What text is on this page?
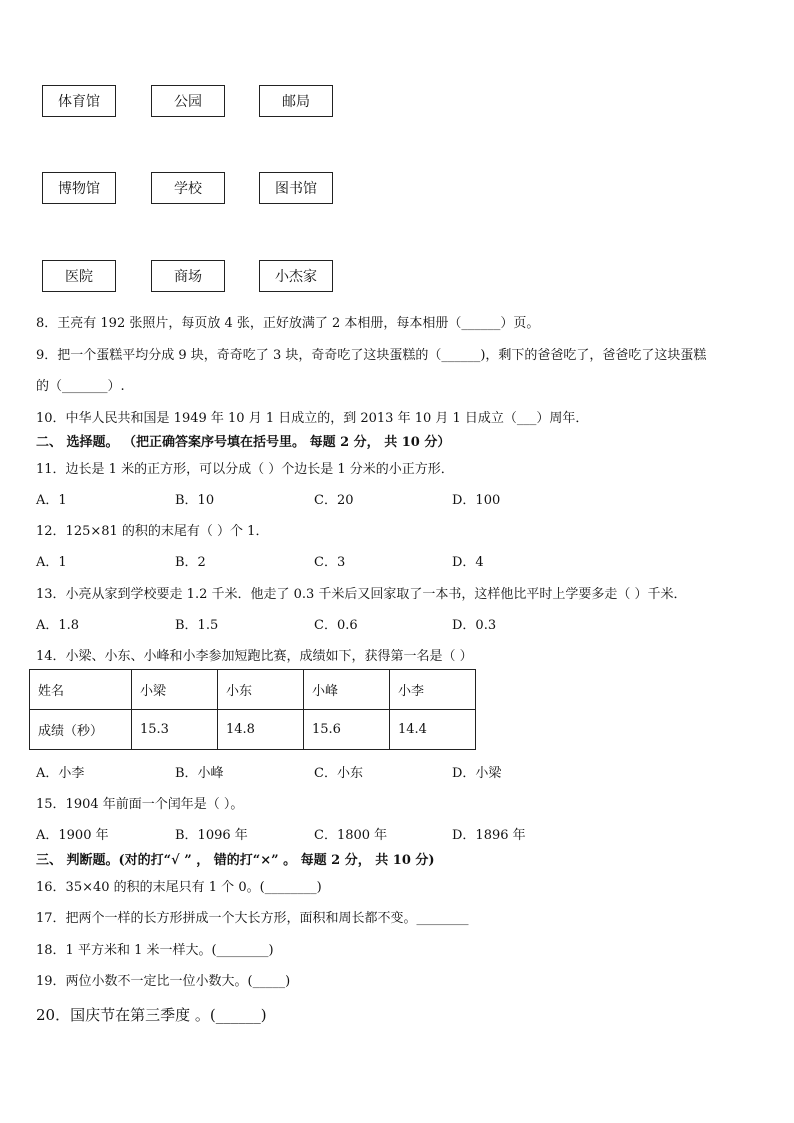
体育馆	公园	邮局
博物馆	学校	图书馆
医院	商场	小杰家
8．王亮有 192 张照片，每页放 4 张，正好放满了 2 本相册，每本相册（______）页。
9．把一个蛋糕平均分成 9 块，奇奇吃了 3 块，奇奇吃了这块蛋糕的（______)，剩下的爸爸吃了，爸爸吃了这块蛋糕
的（_______）.
10．中华人民共和国是 1949 年 10 月 1 日成立的，到 2013 年 10 月 1 日成立（___）周年．
二、 选择题。 （把正确答案序号填在括号里。 每题 2 分， 共 10 分）
11．边长是 1 米的正方形，可以分成（ ）个边长是 1 分米的小正方形．
A．1	B．10	C．20	D．100
12．125×81 的积的末尾有（ ）个 1．
A．1	B．2	C．3	D．4
13．小亮从家到学校要走 1.2 千米．他走了 0.3 千米后又回家取了一本书，这样他比平时上学要多走（ ）千米．
A．1.8	B．1.5	C．0.6	D．0.3
14．小梁、小东、小峰和小李参加短跑比赛，成绩如下，获得第一名是（ ）
姓名	小梁	小东	小峰	小李
成绩（秒）	15.3	14.8	15.6	14.4
A．小李	B．小峰	C．小东	D．小梁
15．1904 年前面一个闰年是（ ）。
A．1900 年	B．1096 年	C．1800 年	D．1896 年
三、 判断题。(对的打“√ ” ， 错的打“×” 。 每题 2 分， 共 10 分)
16．35×40 的积的末尾只有 1 个 0。(________)
17．把两个一样的长方形拼成一个大长方形，面积和周长都不变。________
18．1 平方米和 1 米一样大。(________)
19．两位小数不一定比一位小数大。(_____)
20．国庆节在第三季度 。(______)
